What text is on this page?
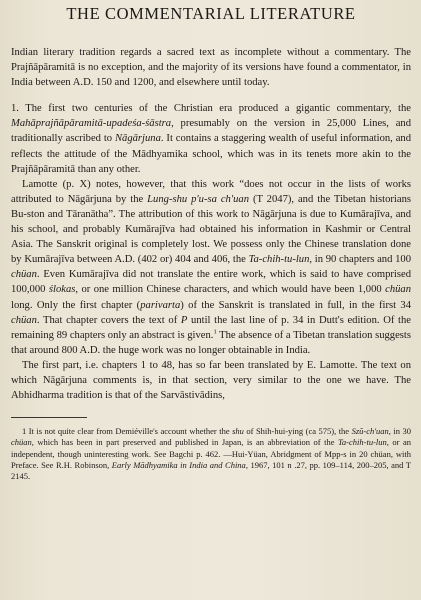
THE COMMENTARIAL LITERATURE

Indian literary tradition regards a sacred text as incomplete without a commentary. The Prajñāpāramitā is no exception, and the majority of its versions have found a commentator, in India between A.D. 150 and 1200, and elsewhere until today.

1. The first two centuries of the Christian era produced a gigantic commentary, the Mahāprajñāpāramitā-upadeśa-śāstra, presumably on the version in 25,000 Lines, and traditionally ascribed to Nāgārjuna. It contains a staggering wealth of useful information, and reflects the attitude of the Mādhyamika school, which was in its tenets more akin to the Prajñāpāramitā than any other.

Lamotte (p. X) notes, however, that this work “does not occur in the lists of works attributed to Nāgārjuna by the Lung-shu p'u-sa ch'uan (T 2047), and the Tibetan historians Bu-ston and Tāranātha”. The attribution of this work to Nāgārjuna is due to Kumārajīva, and his school, and probably Kumārajīva had obtained his information in Kashmir or Central Asia. The Sanskrit original is completely lost. We possess only the Chinese translation done by Kumārajīva between A.D. (402 or) 404 and 406, the Ta-chih-tu-lun, in 90 chapters and 100 chüan. Even Kumārajīva did not translate the entire work, which is said to have comprised 100,000 ślokas, or one million Chinese characters, and which would have been 1,000 chüan long. Only the first chapter (parivarta) of the Sanskrit is translated in full, in the first 34 chüan. That chapter covers the text of P until the last line of p. 34 in Dutt's edition. Of the remaining 89 chapters only an abstract is given.$^1$ The absence of a Tibetan translation suggests that around 800 A.D. the huge work was no longer obtainable in India.

The first part, i.e. chapters 1 to 48, has so far been translated by E. Lamotte. The text on which Nāgārjuna comments is, in that section, very similar to the one we have. The Abhidharma tradition is that of the Sarvāstivādins,

1 It is not quite clear from Demiéville's account whether the shu of Shih-hui-ying (ca 575), the Szŭ-ch'uan, in 30 chüan, which has been in part preserved and published in Japan, is an abbreviation of the Ta-chih-tu-lun, or an independent, though uninteresting work. See Bagchi p. 462. —Hui-Yüan, Abridgment of Mpp-s in 20 chüan, with Preface. See R.H. Robinson, Early Mādhyamika in India and China, 1967, 101 n .27, pp. 109–114, 200–205, and T 2145.
